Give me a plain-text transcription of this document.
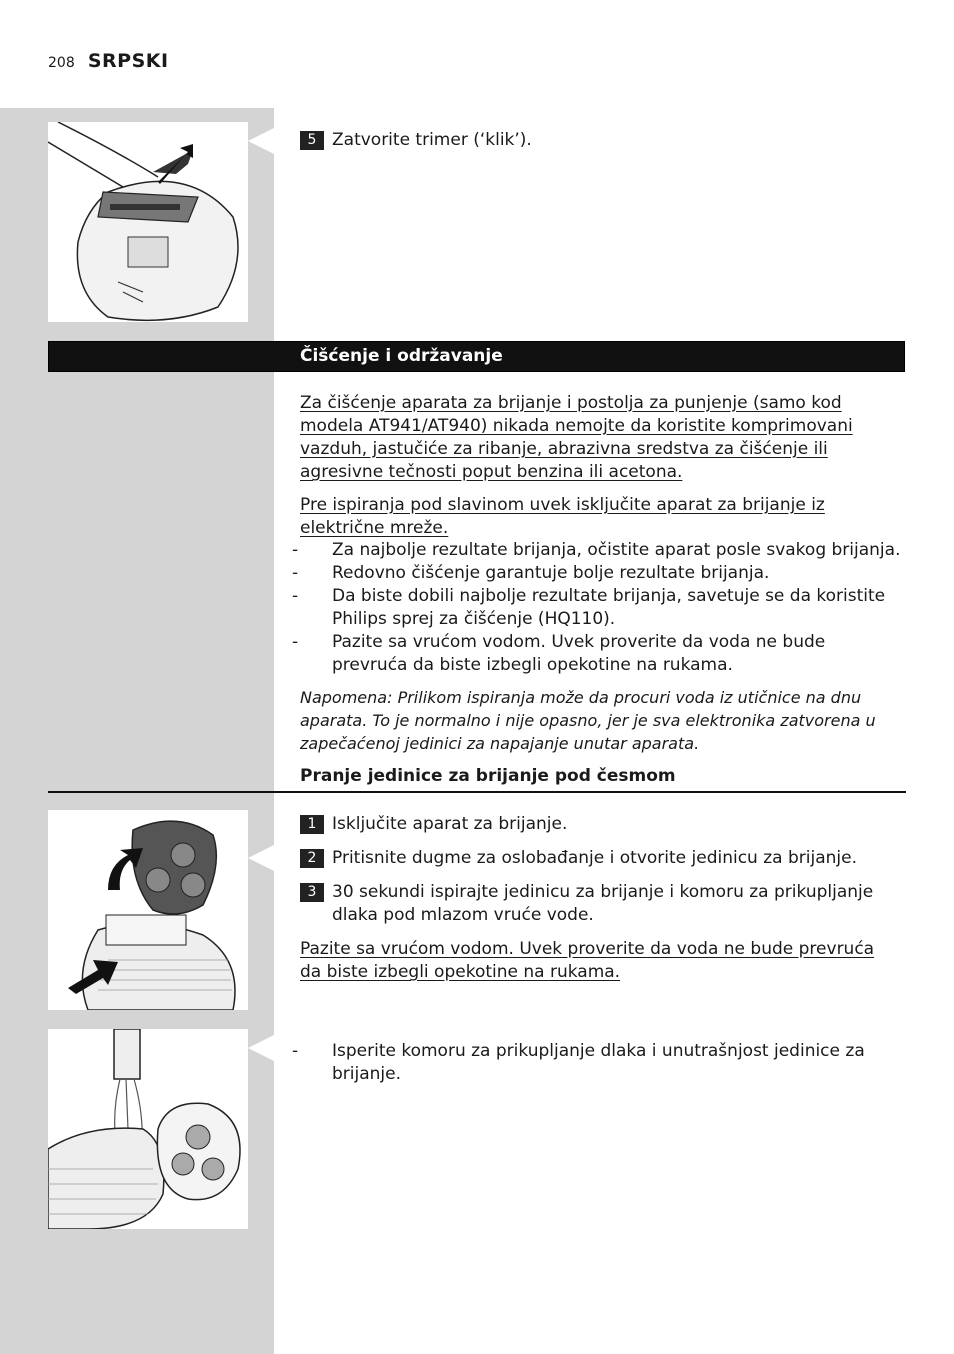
208 SRPSKI
5 Zatvorite trimer (‘klik’).
Čišćenje i održavanje
Za čišćenje aparata za brijanje i postolja za punjenje (samo kod modela AT941/AT940) nikada nemojte da koristite komprimovani vazduh, jastučiće za ribanje, abrazivna sredstva za čišćenje ili agresivne tečnosti poput benzina ili acetona.
Pre ispiranja pod slavinom uvek isključite aparat za brijanje iz električne mreže.
- Za najbolje rezultate brijanja, očistite aparat posle svakog brijanja.
- Redovno čišćenje garantuje bolje rezultate brijanja.
- Da biste dobili najbolje rezultate brijanja, savetuje se da koristite Philips sprej za čišćenje (HQ110).
- Pazite sa vrućom vodom. Uvek proverite da voda ne bude prevruća da biste izbegli opekotine na rukama.
Napomena: Prilikom ispiranja može da procuri voda iz utičnice na dnu aparata. To je normalno i nije opasno, jer je sva elektronika zatvorena u zapečaćenoj jedinici za napajanje unutar aparata.
Pranje jedinice za brijanje pod česmom
1 Isključite aparat za brijanje.
2 Pritisnite dugme za oslobađanje i otvorite jedinicu za brijanje.
3 30 sekundi ispirajte jedinicu za brijanje i komoru za prikupljanje dlaka pod mlazom vruće vode.
Pazite sa vrućom vodom. Uvek proverite da voda ne bude prevruća da biste izbegli opekotine na rukama.
- Isperite komoru za prikupljanje dlaka i unutrašnjost jedinice za brijanje.
